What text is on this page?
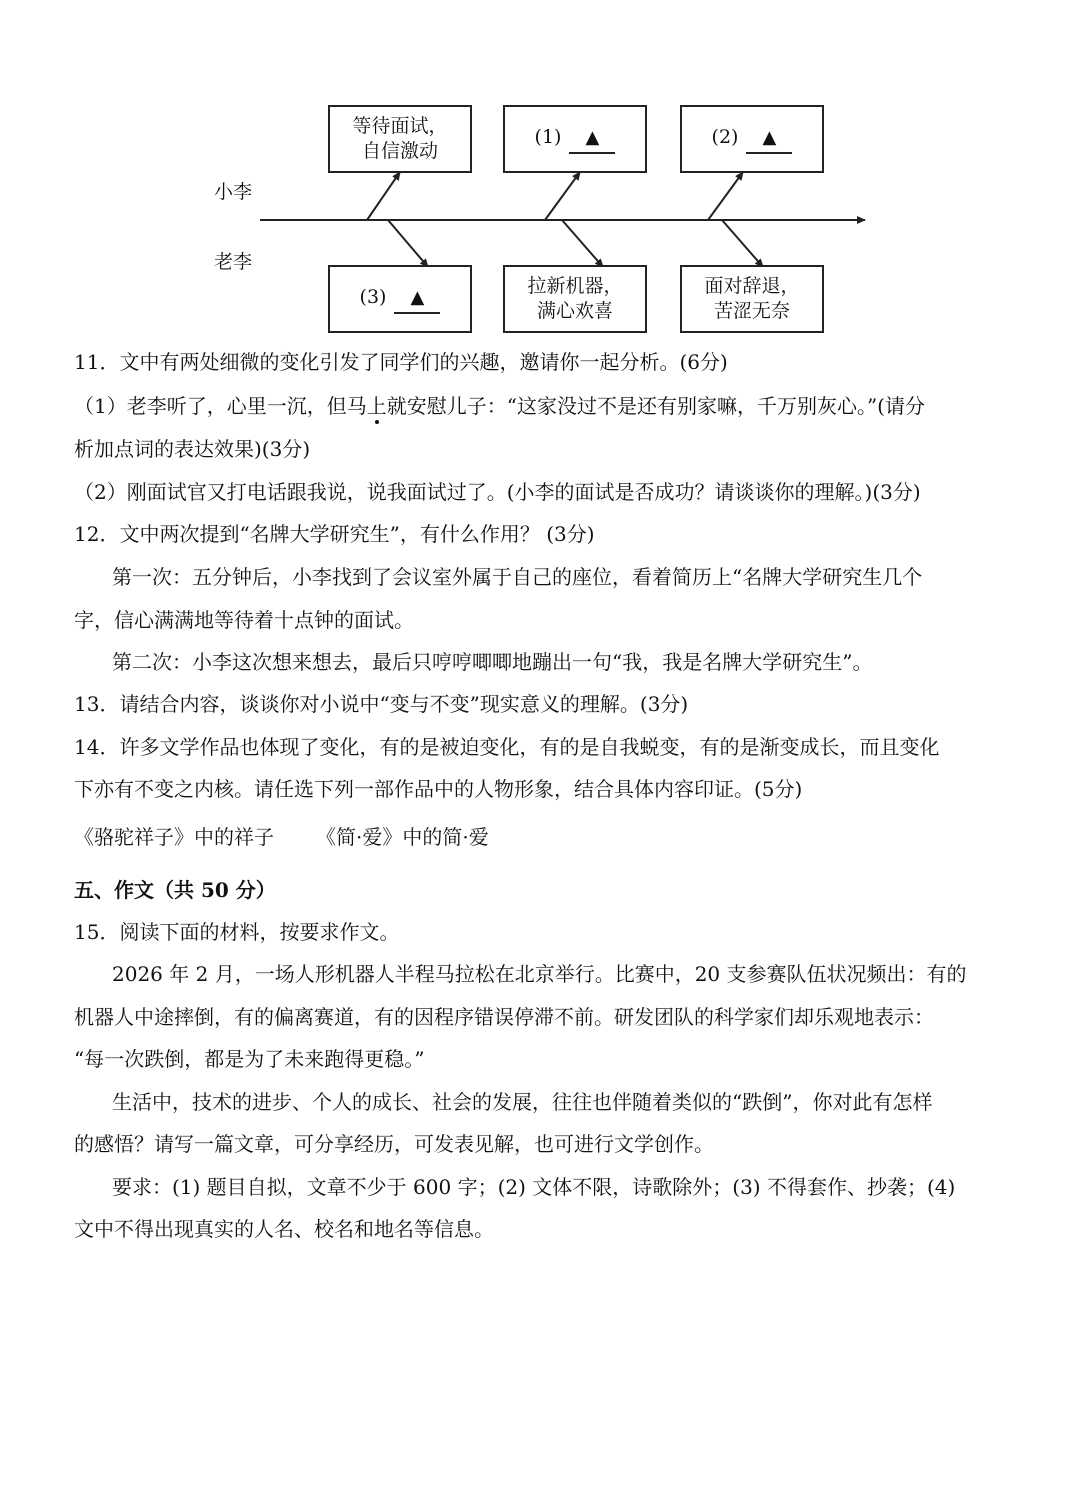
小李
老李
等待面试，
自信激动
(1)	▲	(2)	▲
(3)	▲	拉新机器，
满心欢喜
面对辞退，
苦涩无奈
11．文中有两处细微的变化引发了同学们的兴趣，邀请你一起分析。(6分)
（1）老李听了，心里一沉，但马上就安慰儿子：“这家没过不是还有别家嘛，千万别灰心。”(请分
析加点词的表达效果)(3分)
（2）刚面试官又打电话跟我说，说我面试过了。(小李的面试是否成功？请谈谈你的理解。)(3分)
12．文中两次提到“名牌大学研究生”，有什么作用？ (3分)
第一次：五分钟后，小李找到了会议室外属于自己的座位，看着简历上“名牌大学研究生几个
字，信心满满地等待着十点钟的面试。
第二次：小李这次想来想去，最后只哼哼唧唧地蹦出一句“我，我是名牌大学研究生”。
13．请结合内容，谈谈你对小说中“变与不变”现实意义的理解。(3分)
14．许多文学作品也体现了变化，有的是被迫变化，有的是自我蜕变，有的是渐变成长，而且变化
下亦有不变之内核。请任选下列一部作品中的人物形象，结合具体内容印证。(5分)
《骆驼祥子》中的祥子 《简·爱》中的简·爱
五、作文（共 50 分）
15．阅读下面的材料，按要求作文。
2026 年 2 月，一场人形机器人半程马拉松在北京举行。比赛中，20 支参赛队伍状况频出：有的
机器人中途摔倒，有的偏离赛道，有的因程序错误停滞不前。研发团队的科学家们却乐观地表示：
“每一次跌倒，都是为了未来跑得更稳。”
生活中，技术的进步、个人的成长、社会的发展，往往也伴随着类似的“跌倒”，你对此有怎样
的感悟？请写一篇文章，可分享经历，可发表见解，也可进行文学创作。
要求：(1) 题目自拟，文章不少于 600 字；(2) 文体不限，诗歌除外；(3) 不得套作、抄袭；(4)
文中不得出现真实的人名、校名和地名等信息。
